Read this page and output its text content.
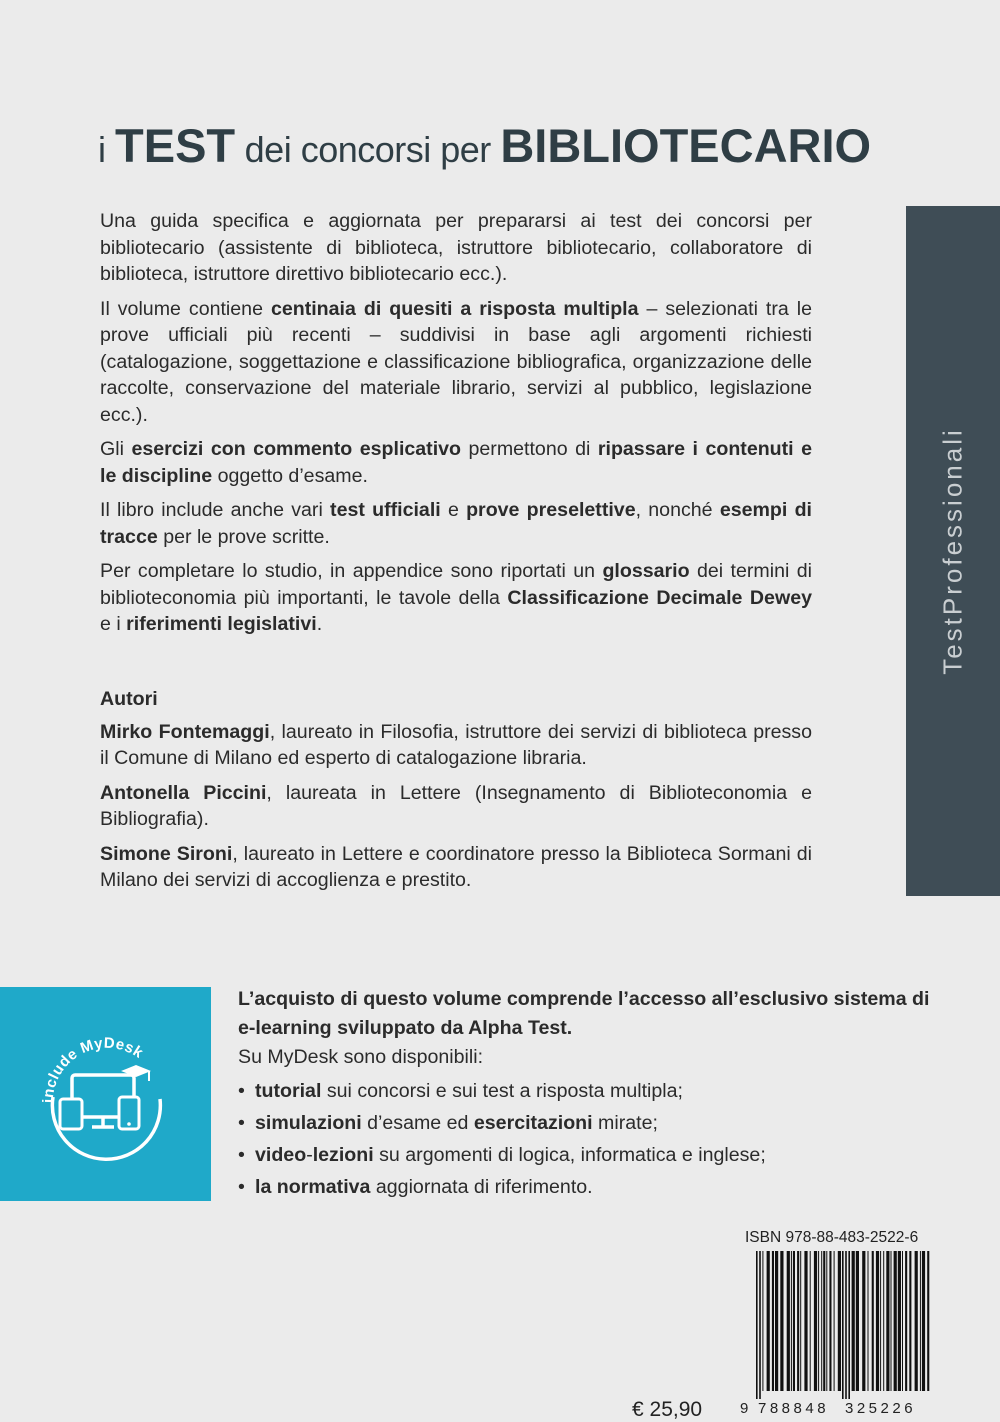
i TEST dei concorsi per BIBLIOTECARIO

Una guida specifica e aggiornata per prepararsi ai test dei concorsi per bibliotecario (assistente di biblioteca, istruttore bibliotecario, collaboratore di biblioteca, istruttore direttivo bibliotecario ecc.).

Il volume contiene centinaia di quesiti a risposta multipla – selezionati tra le prove ufficiali più recenti – suddivisi in base agli argomenti richiesti (catalogazione, soggettazione e classificazione bibliografica, organizzazione delle raccolte, conservazione del materiale librario, servizi al pubblico, legislazione ecc.).

Gli esercizi con commento esplicativo permettono di ripassare i contenuti e le discipline oggetto d’esame.

Il libro include anche vari test ufficiali e prove preselettive, nonché esempi di tracce per le prove scritte.

Per completare lo studio, in appendice sono riportati un glossario dei termini di biblioteconomia più importanti, le tavole della Classificazione Decimale Dewey e i riferimenti legislativi.

Autori

Mirko Fontemaggi, laureato in Filosofia, istruttore dei servizi di biblioteca presso il Comune di Milano ed esperto di catalogazione libraria.

Antonella Piccini, laureata in Lettere (Insegnamento di Biblioteconomia e Bibliografia).

Simone Sironi, laureato in Lettere e coordinatore presso la Biblioteca Sormani di Milano dei servizi di accoglienza e prestito.

TestProfessionali
include MyDesk

L’acquisto di questo volume comprende l’accesso all’esclusivo sistema di e-learning sviluppato da Alpha Test.

Su MyDesk sono disponibili:

• tutorial sui concorsi e sui test a risposta multipla;
• simulazioni d’esame ed esercitazioni mirate;
• video-lezioni su argomenti di logica, informatica e inglese;
• la normativa aggiornata di riferimento.
ISBN 978-88-483-2522-6
€ 25,90	9 788848 325226
